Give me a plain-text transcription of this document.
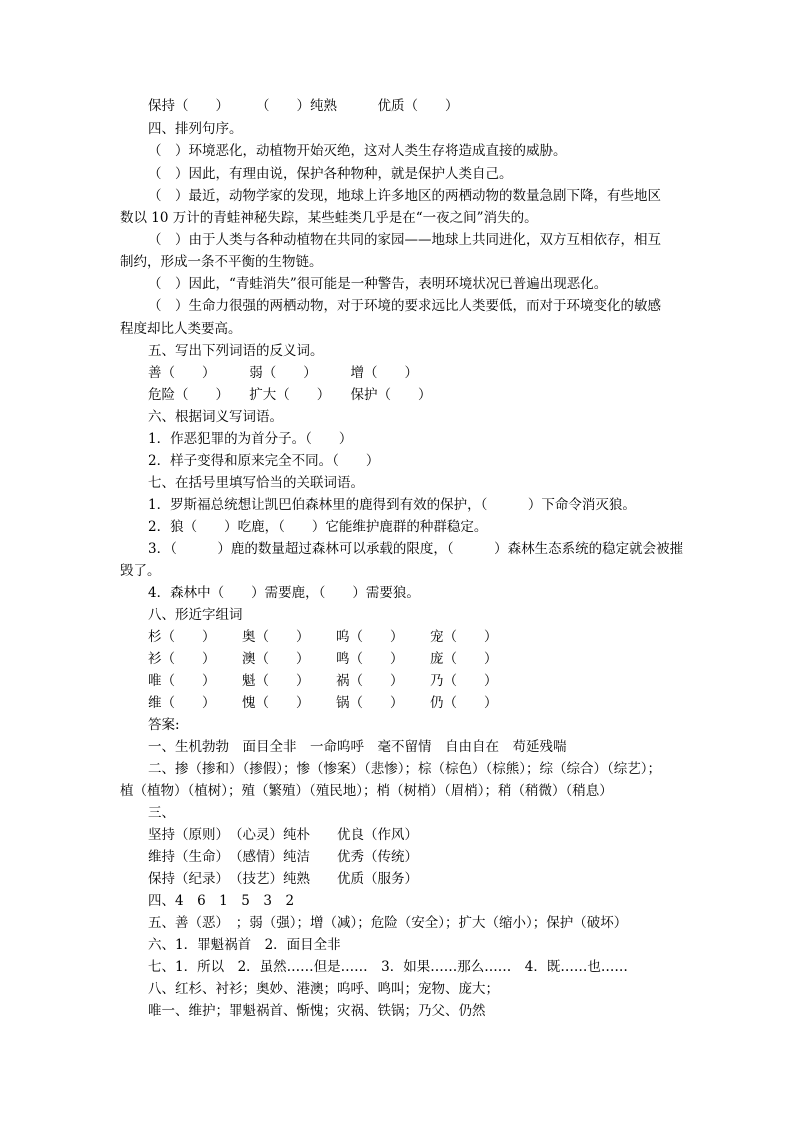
保持（　　）　　　（　　）纯熟　　　优质（　　）
四、排列句序。
（　）环境恶化，动植物开始灭绝，这对人类生存将造成直接的威胁。
（　）因此，有理由说，保护各种物种，就是保护人类自己。
（　）最近，动物学家的发现，地球上许多地区的两栖动物的数量急剧下降，有些地区
数以 10 万计的青蛙神秘失踪，某些蛙类几乎是在“一夜之间”消失的。
（　）由于人类与各种动植物在共同的家园——地球上共同进化，双方互相依存，相互
制约，形成一条不平衡的生物链。
（　）因此，“青蛙消失”很可能是一种警告，表明环境状况已普遍出现恶化。
（　）生命力很强的两栖动物，对于环境的要求远比人类要低，而对于环境变化的敏感
程度却比人类要高。
五、写出下列词语的反义词。
善（　　）　　　弱（　　）　　　增（　　）
危险（　　）　　扩大（　　）　　保护（　　）
六、根据词义写词语。
1．作恶犯罪的为首分子。（　　）
2．样子变得和原来完全不同。（　　）
七、在括号里填写恰当的关联词语。
1．罗斯福总统想让凯巴伯森林里的鹿得到有效的保护，（　　　）下命令消灭狼。
2．狼（　　）吃鹿，（　　）它能维护鹿群的种群稳定。
3．（　　　）鹿的数量超过森林可以承载的限度，（　　　）森林生态系统的稳定就会被摧
毁了。
4．森林中（　　）需要鹿，（　　）需要狼。
八、形近字组词
杉（　　）	奥（　　）	呜（　　）	宠（　　）
衫（　　）	澳（　　）	鸣（　　）	庞（　　）
唯（　　）	魁（　　）	祸（　　）	乃（　　）
维（　　）	愧（　　）	锅（　　）	仍（　　）
答案:
一、生机勃勃　面目全非　一命呜呼　毫不留情　自由自在　苟延残喘
二、掺（掺和）（掺假）；惨（惨案）（悲惨）；棕（棕色）（棕熊）；综（综合）（综艺）；
植（植物）（植树）；殖（繁殖）（殖民地）；梢（树梢）（眉梢）；稍（稍微）（稍息）
三、
坚持（原则）　（心灵）纯朴　　优良（作风）
维持（生命）　（感情）纯洁　　优秀（传统）
保持（纪录）　（技艺）纯熟　　优质（服务）
四、4　6　1　5　3　2
五、善（恶）　；弱（强）；增（减）；危险（安全）；扩大（缩小）；保护（破坏）
六、1．罪魁祸首　2．面目全非
七、1．所以　2．虽然……但是……　3．如果……那么……　4．既……也……
八、红杉、衬衫；奥妙、港澳；呜呼、鸣叫；宠物、庞大；
唯一、维护；罪魁祸首、惭愧；灾祸、铁锅；乃父、仍然
